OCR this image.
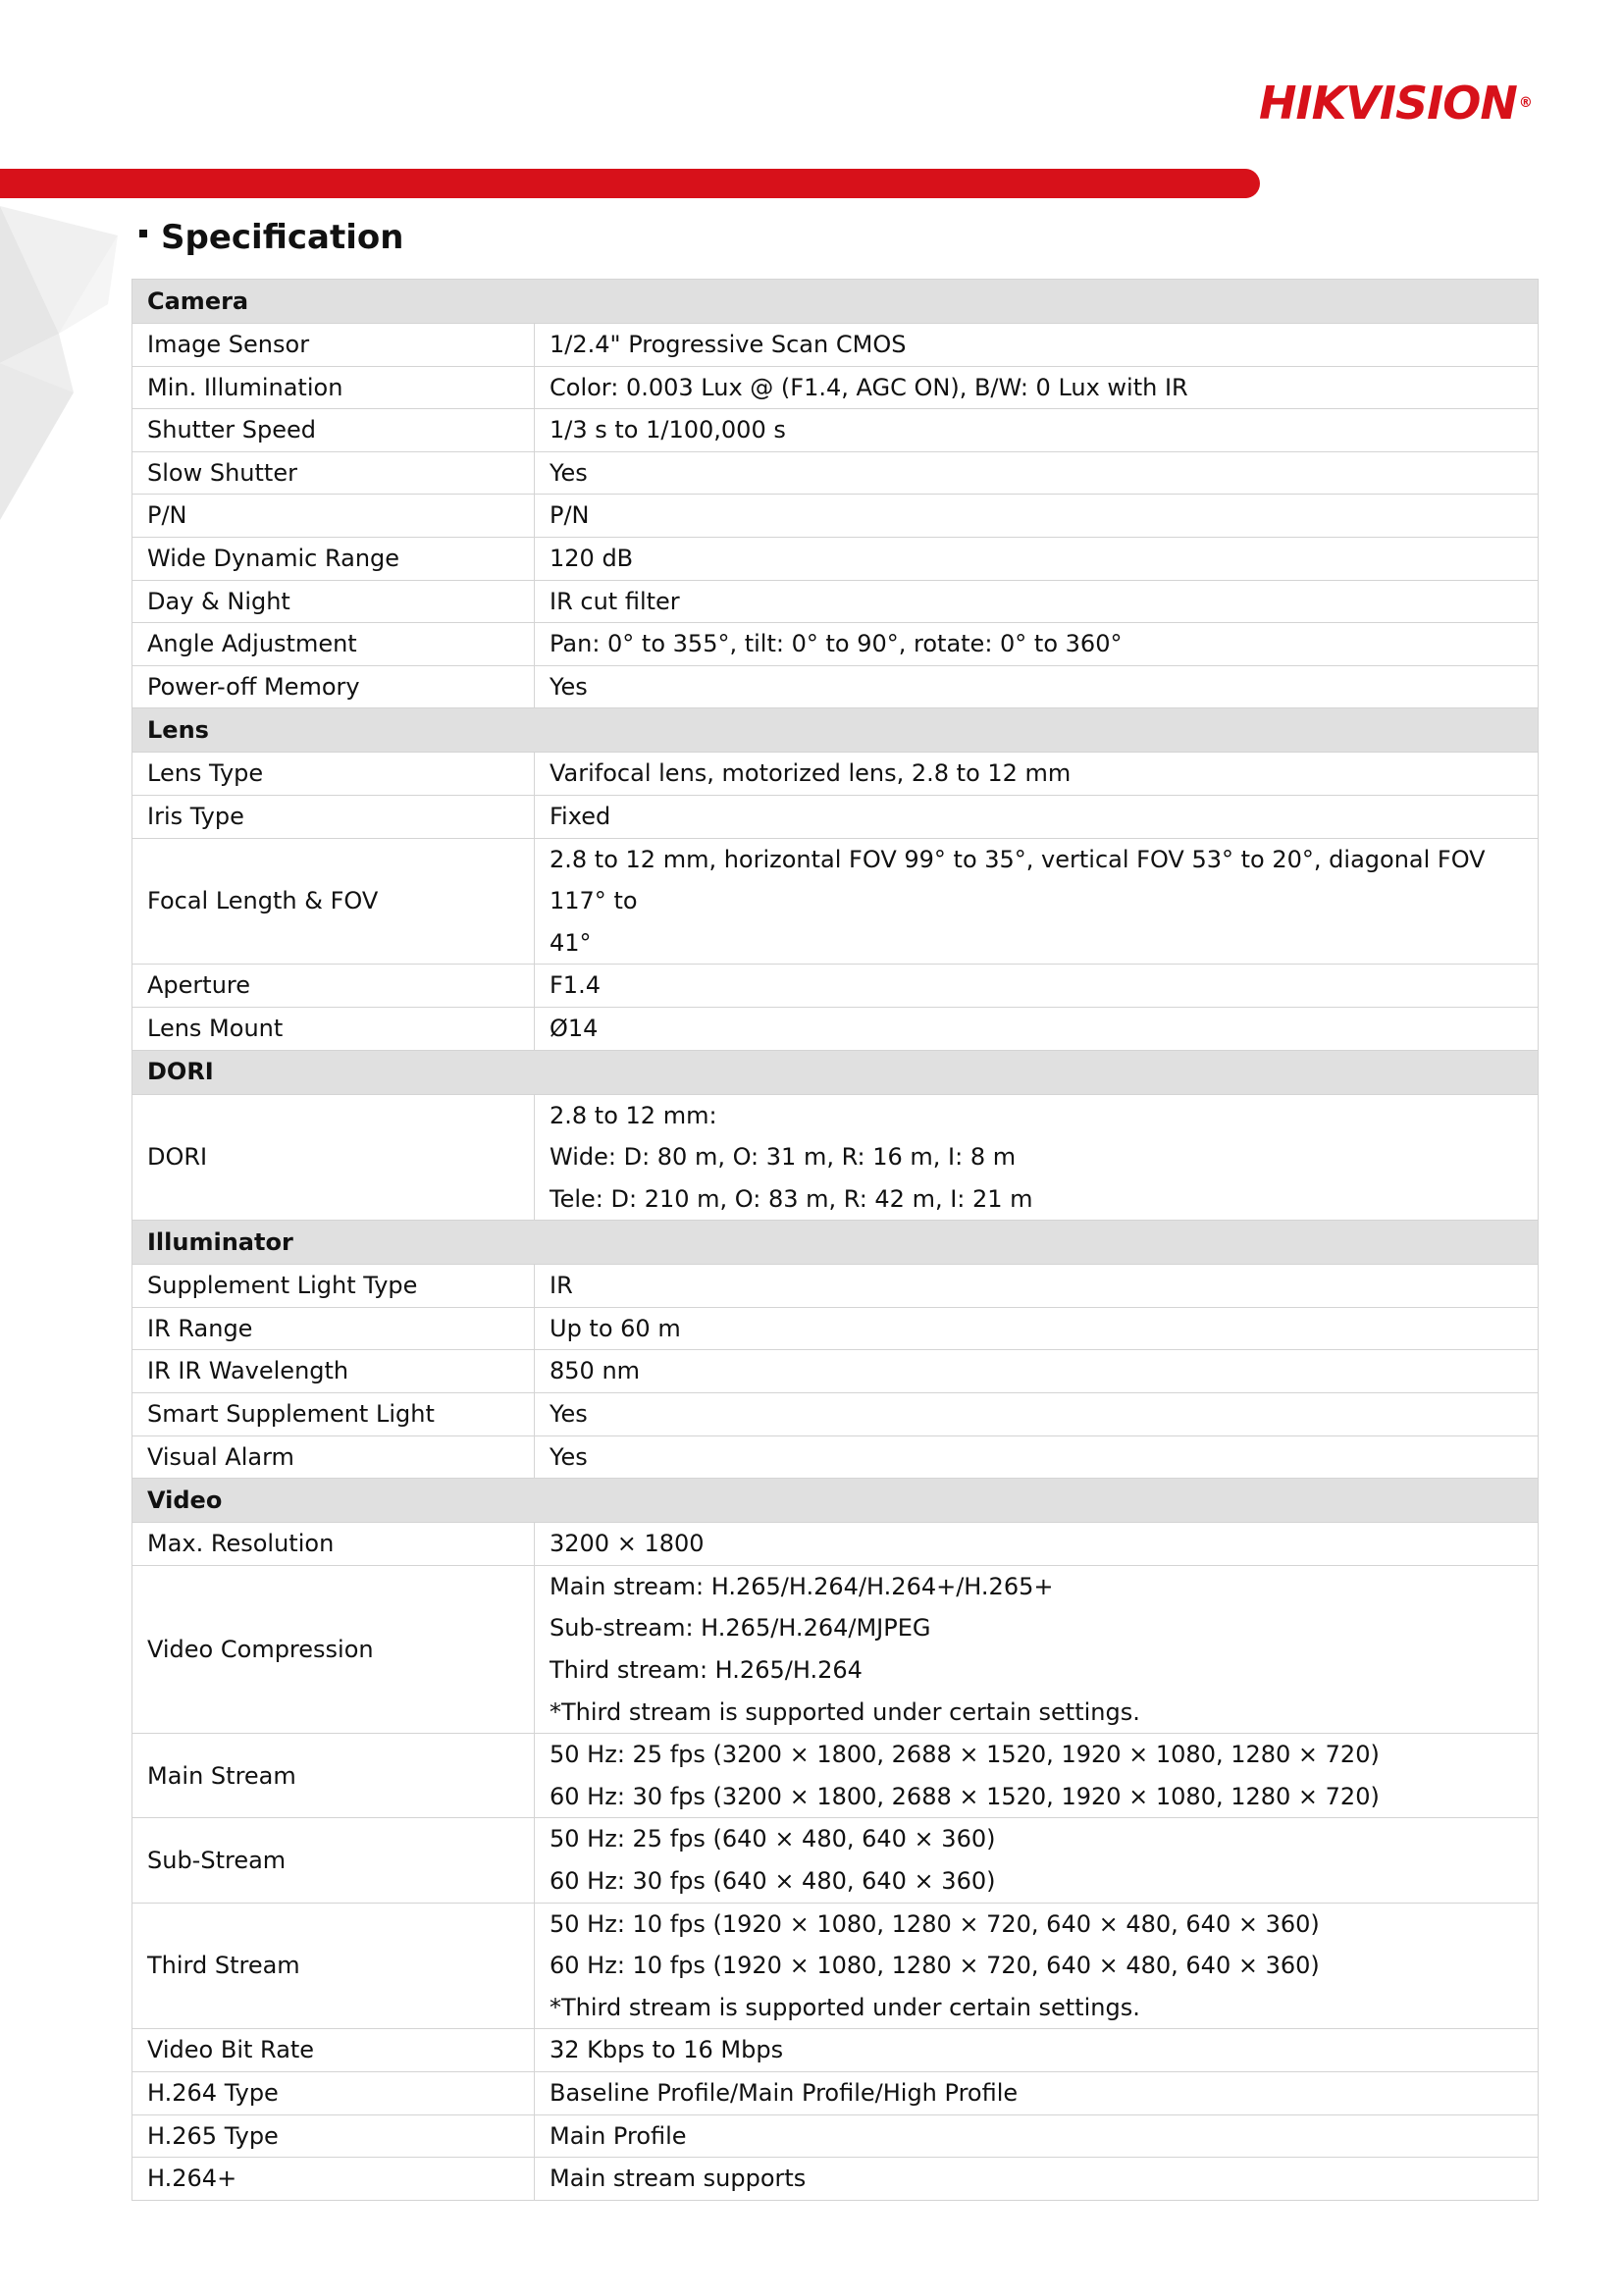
HIKVISION ®
Specification
Camera	
Image Sensor	1/2.4" Progressive Scan CMOS

Min. Illumination	Color: 0.003 Lux @ (F1.4, AGC ON), B/W: 0 Lux with IR

Shutter Speed	1/3 s to 1/100,000 s

Slow Shutter	Yes

P/N	P/N

Wide Dynamic Range	120 dB

Day & Night	IR cut filter

Angle Adjustment	Pan: 0° to 355°, tilt: 0° to 90°, rotate: 0° to 360°

Power-off Memory	Yes

Lens	
Lens Type	Varifocal lens, motorized lens, 2.8 to 12 mm

Iris Type	Fixed

Focal Length & FOV	2.8 to 12 mm, horizontal FOV 99° to 35°, vertical FOV 53° to 20°, diagonal FOV 117° to
41°

Aperture	F1.4

Lens Mount	Ø14

DORI	
DORI	2.8 to 12 mm:
Wide: D: 80 m, O: 31 m, R: 16 m, I: 8 m
Tele: D: 210 m, O: 83 m, R: 42 m, I: 21 m

Illuminator	
Supplement Light Type	IR

IR Range	Up to 60 m

IR IR Wavelength	850 nm

Smart Supplement Light	Yes

Visual Alarm	Yes

Video	
Max. Resolution	3200 × 1800

Video Compression	Main stream: H.265/H.264/H.264+/H.265+
Sub-stream: H.265/H.264/MJPEG
Third stream: H.265/H.264
*Third stream is supported under certain settings.

Main Stream	50 Hz: 25 fps (3200 × 1800, 2688 × 1520, 1920 × 1080, 1280 × 720)
60 Hz: 30 fps (3200 × 1800, 2688 × 1520, 1920 × 1080, 1280 × 720)

Sub-Stream	50 Hz: 25 fps (640 × 480, 640 × 360)
60 Hz: 30 fps (640 × 480, 640 × 360)

Third Stream	50 Hz: 10 fps (1920 × 1080, 1280 × 720, 640 × 480, 640 × 360)
60 Hz: 10 fps (1920 × 1080, 1280 × 720, 640 × 480, 640 × 360)
*Third stream is supported under certain settings.

Video Bit Rate	32 Kbps to 16 Mbps

H.264 Type	Baseline Profile/Main Profile/High Profile

H.265 Type	Main Profile

H.264+	Main stream supports
